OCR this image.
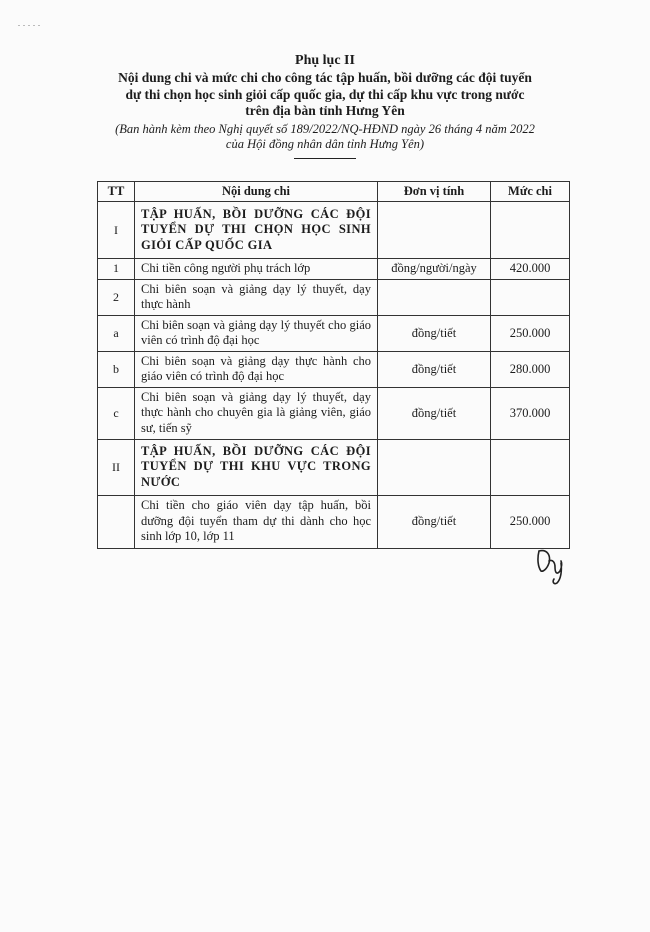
Phụ lục II
Nội dung chi và mức chi cho công tác tập huấn, bồi dưỡng các đội tuyển
dự thi chọn học sinh giỏi cấp quốc gia, dự thi cấp khu vực trong nước
trên địa bàn tỉnh Hưng Yên
(Ban hành kèm theo Nghị quyết số 189/2022/NQ-HĐND ngày 26 tháng 4 năm 2022
của Hội đồng nhân dân tỉnh Hưng Yên)
TT	Nội dung chi	Đơn vị tính	Mức chi
I	TẬP HUẤN, BỒI DƯỠNG CÁC ĐỘI TUYỂN DỰ THI CHỌN HỌC SINH GIỎI CẤP QUỐC GIA		
1	Chi tiền công người phụ trách lớp	đồng/người/ngày	420.000
2	Chi biên soạn và giảng dạy lý thuyết, dạy thực hành		
a	Chi biên soạn và giảng dạy lý thuyết cho giáo viên có trình độ đại học	đồng/tiết	250.000
b	Chi biên soạn và giảng dạy thực hành cho giáo viên có trình độ đại học	đồng/tiết	280.000
c	Chi biên soạn và giảng dạy lý thuyết, dạy thực hành cho chuyên gia là giảng viên, giáo sư, tiến sỹ	đồng/tiết	370.000
II	TẬP HUẤN, BỒI DƯỠNG CÁC ĐỘI TUYỂN DỰ THI KHU VỰC TRONG NƯỚC		
	Chi tiền cho giáo viên dạy tập huấn, bồi dưỡng đội tuyển tham dự thi dành cho học sinh lớp 10, lớp 11	đồng/tiết	250.000
